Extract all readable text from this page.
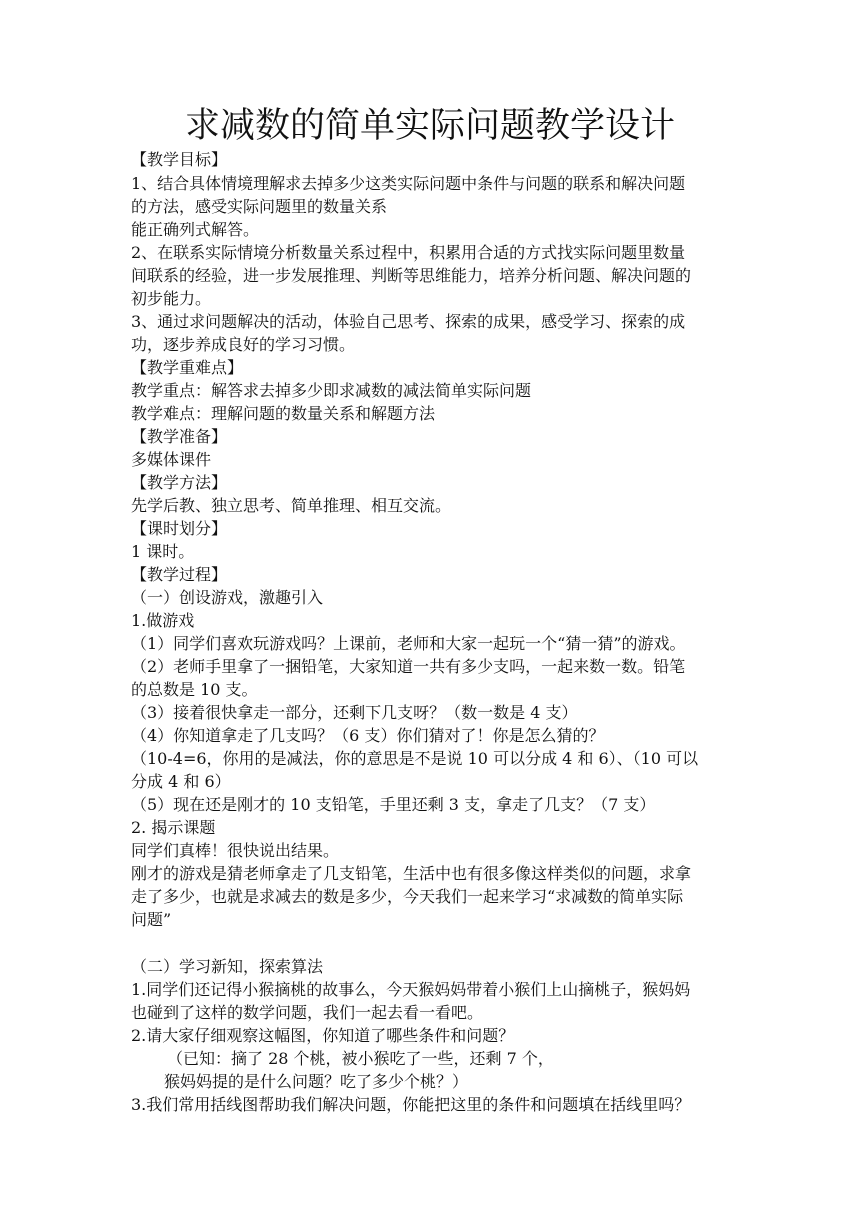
求减数的简单实际问题教学设计

【教学目标】

1、结合具体情境理解求去掉多少这类实际问题中条件与问题的联系和解决问题

的方法，感受实际问题里的数量关系

能正确列式解答。

2、在联系实际情境分析数量关系过程中，积累用合适的方式找实际问题里数量

间联系的经验，进一步发展推理、判断等思维能力，培养分析问题、解决问题的

初步能力。

3、通过求问题解决的活动，体验自己思考、探索的成果，感受学习、探索的成

功，逐步养成良好的学习习惯。

【教学重难点】

教学重点：解答求去掉多少即求减数的减法简单实际问题

教学难点：理解问题的数量关系和解题方法

【教学准备】

多媒体课件

【教学方法】

先学后教、独立思考、简单推理、相互交流。

【课时划分】

1 课时。

【教学过程】

（一）创设游戏，激趣引入

1.做游戏

（1）同学们喜欢玩游戏吗？上课前，老师和大家一起玩一个“猜一猜”的游戏。

（2）老师手里拿了一捆铅笔，大家知道一共有多少支吗，一起来数一数。铅笔

的总数是 10 支。

（3）接着很快拿走一部分，还剩下几支呀？（数一数是 4 支）

（4）你知道拿走了几支吗？（6 支）你们猜对了！你是怎么猜的？

（10-4=6，你用的是减法，你的意思是不是说 10 可以分成 4 和 6）、（10 可以

分成 4 和 6）

（5）现在还是刚才的 10 支铅笔，手里还剩 3 支，拿走了几支？（7 支）

2. 揭示课题

同学们真棒！很快说出结果。

刚才的游戏是猜老师拿走了几支铅笔，生活中也有很多像这样类似的问题，求拿

走了多少，也就是求减去的数是多少，今天我们一起来学习“求减数的简单实际

问题”

（二）学习新知，探索算法

1.同学们还记得小猴摘桃的故事么，今天猴妈妈带着小猴们上山摘桃子，猴妈妈

也碰到了这样的数学问题，我们一起去看一看吧。

2.请大家仔细观察这幅图，你知道了哪些条件和问题？

（已知：摘了 28 个桃，被小猴吃了一些，还剩 7 个，

猴妈妈提的是什么问题？吃了多少个桃？）

3.我们常用括线图帮助我们解决问题，你能把这里的条件和问题填在括线里吗？
